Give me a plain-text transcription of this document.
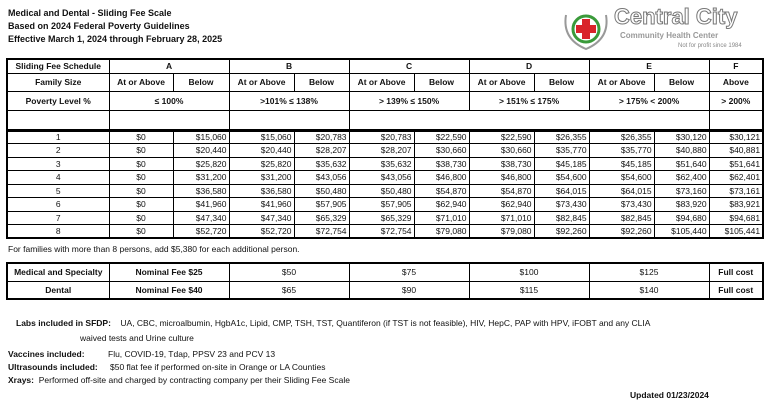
Medical and Dental - Sliding Fee Scale
Based on 2024 Federal Poverty Guidelines
Effective March 1, 2024 through February 28, 2025
Central City
Community Health Center
Not for profit since 1984
Sliding Fee Schedule	A		B		C		D		E		F
Family Size	At or Above	Below	At or Above	Below	At or Above	Below	At or Above	Below	At or Above	Below	Above
Poverty Level %	≤ 100%		>101% ≤ 138%		> 139% ≤ 150%		> 151% ≤ 175%		> 175% < 200%		> 200%

1	$0	$15,060	$15,060	$20,783	$20,783	$22,590	$22,590	$26,355	$26,355	$30,120	$30,121
2	$0	$20,440	$20,440	$28,207	$28,207	$30,660	$30,660	$35,770	$35,770	$40,880	$40,881
3	$0	$25,820	$25,820	$35,632	$35,632	$38,730	$38,730	$45,185	$45,185	$51,640	$51,641
4	$0	$31,200	$31,200	$43,056	$43,056	$46,800	$46,800	$54,600	$54,600	$62,400	$62,401
5	$0	$36,580	$36,580	$50,480	$50,480	$54,870	$54,870	$64,015	$64,015	$73,160	$73,161
6	$0	$41,960	$41,960	$57,905	$57,905	$62,940	$62,940	$73,430	$73,430	$83,920	$83,921
7	$0	$47,340	$47,340	$65,329	$65,329	$71,010	$71,010	$82,845	$82,845	$94,680	$94,681
8	$0	$52,720	$52,720	$72,754	$72,754	$79,080	$79,080	$92,260	$92,260	$105,440	$105,441
For families with more than 8 persons, add $5,380 for each additional person.
Medical and Specialty	Nominal Fee $25	$50	$75	$100	$125	Full cost
Dental	Nominal Fee $40	$65	$90	$115	$140	Full cost
Labs included in SFDP: UA, CBC, microalbumin, HgbA1c, Lipid, CMP, TSH, TST, Quantiferon (if TST is not feasible), HIV, HepC, PAP with HPV, iFOBT and any CLIA
waived tests and Urine culture
Vaccines included:	Flu, COVID-19, Tdap, PPSV 23 and PCV 13
Ultrasounds included: $50 flat fee if performed on-site in Orange or LA Counties
Xrays: Performed off-site and charged by contracting company per their Sliding Fee Scale
Updated 01/23/2024
